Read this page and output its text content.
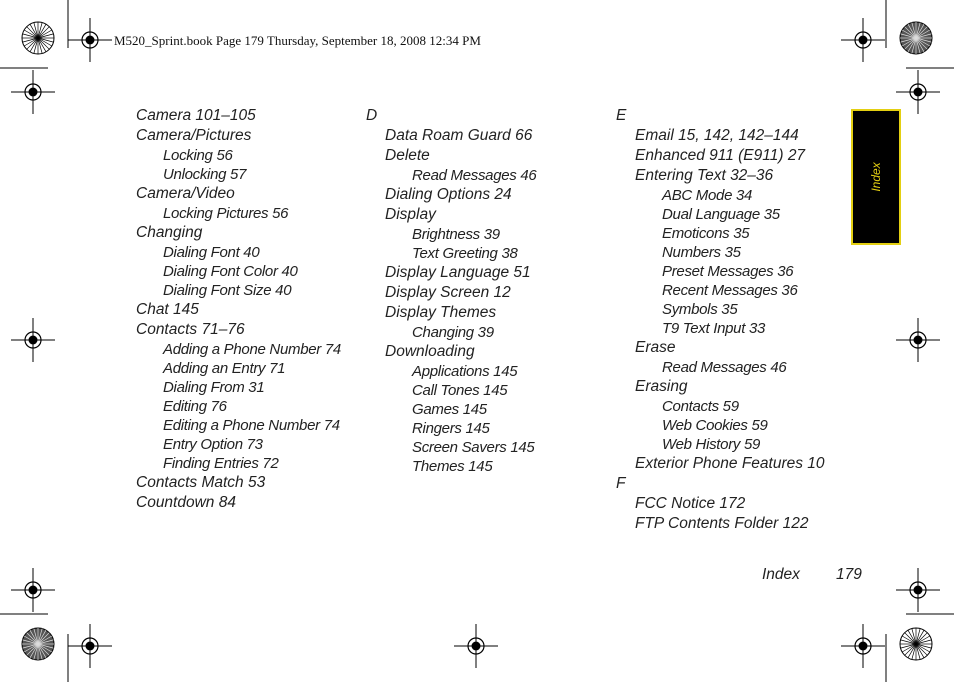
M520_Sprint.book Page 179 Thursday, September 18, 2008 12:34 PM
Camera 101–105
Camera/Pictures
Locking 56
Unlocking 57
Camera/Video
Locking Pictures 56
Changing
Dialing Font 40
Dialing Font Color 40
Dialing Font Size 40
Chat 145
Contacts 71–76
Adding a Phone Number 74
Adding an Entry 71
Dialing From 31
Editing 76
Editing a Phone Number 74
Entry Option 73
Finding Entries 72
Contacts Match 53
Countdown 84
D
Data Roam Guard 66
Delete
Read Messages 46
Dialing Options 24
Display
Brightness 39
Text Greeting 38
Display Language 51
Display Screen 12
Display Themes
Changing 39
Downloading
Applications 145
Call Tones 145
Games 145
Ringers 145
Screen Savers 145
Themes 145
E
Email 15, 142, 142–144
Enhanced 911 (E911) 27
Entering Text 32–36
ABC Mode 34
Dual Language 35
Emoticons 35
Numbers 35
Preset Messages 36
Recent Messages 36
Symbols 35
T9 Text Input 33
Erase
Read Messages 46
Erasing
Contacts 59
Web Cookies 59
Web History 59
Exterior Phone Features 10
F
FCC Notice 172
FTP Contents Folder 122
Index
Index 179
